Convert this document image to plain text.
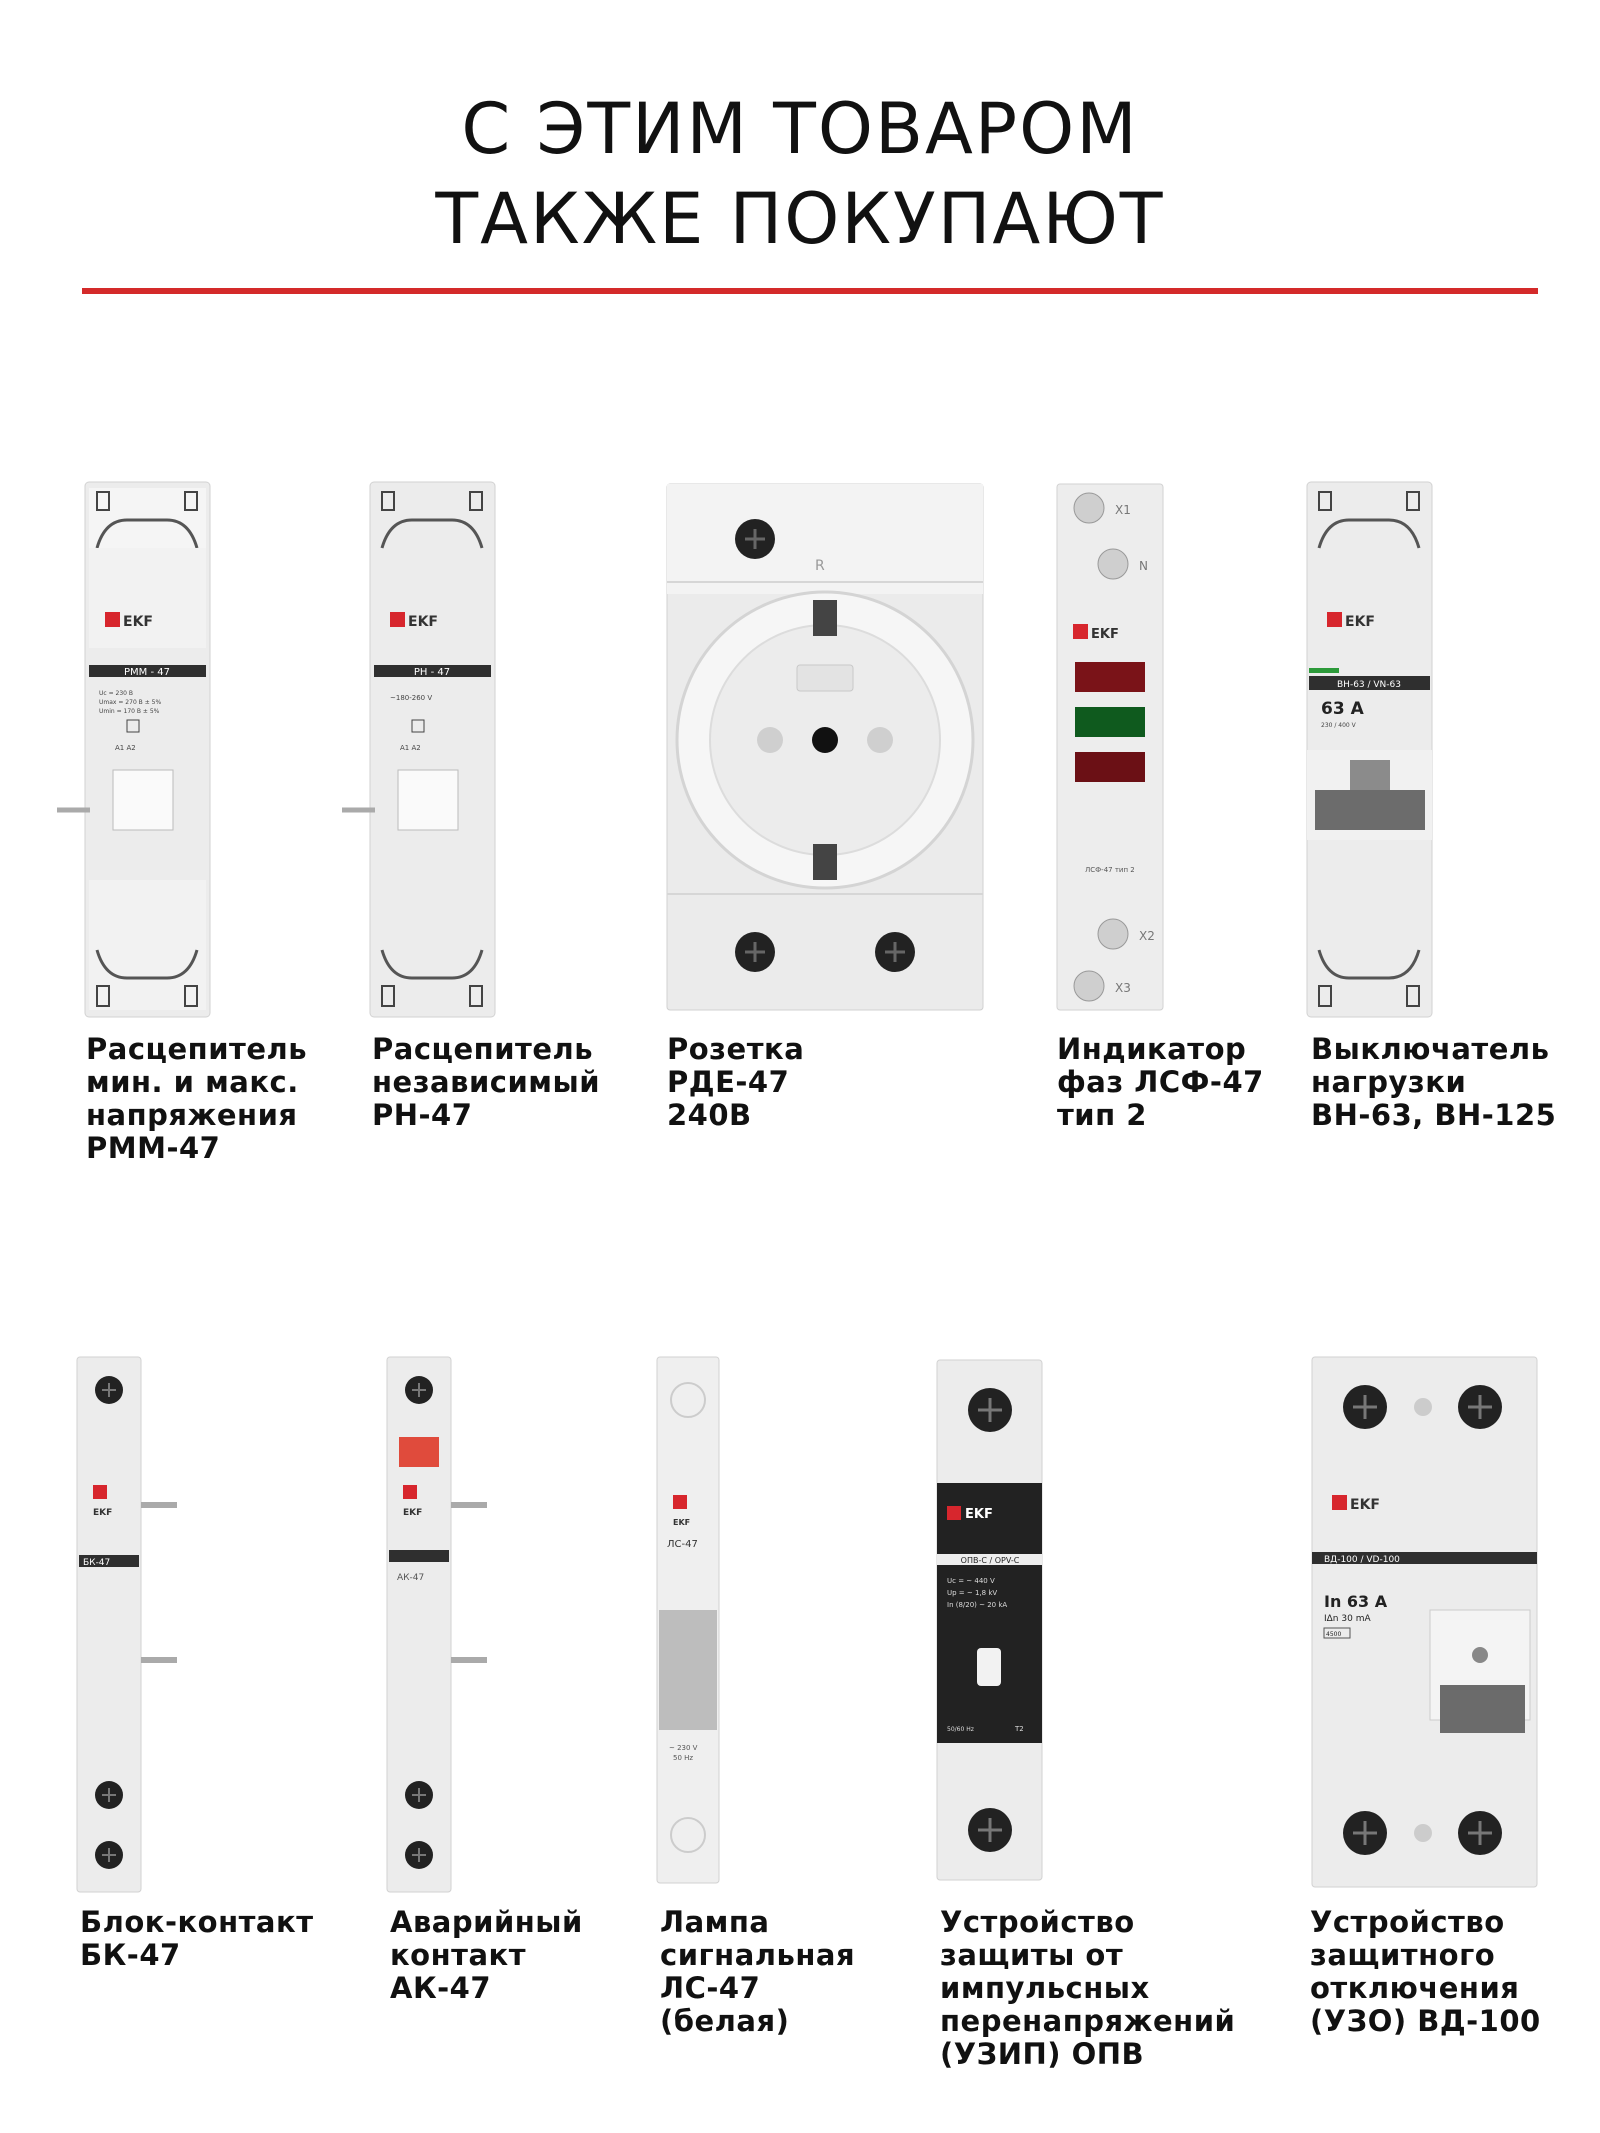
С ЭТИМ ТОВАРОМ
ТАКЖЕ ПОКУПАЮТ
EKF
РММ - 47
Uc = 230 В
Umax = 270 В ± 5%
Umin = 170 В ± 5%
A1 A2
EKF
РН - 47
~180-260 V
A1 A2
R
X1
N
EKF
ЛСФ-47 тип 2
X2
X3
EKF
ВН-63 / VN-63
63 A
230 / 400 V
Расцепитель
мин. и макс.
напряжения
РММ-47
Расцепитель
независимый
РН-47
Розетка
РДЕ-47
240В
Индикатор
фаз ЛСФ-47
тип 2
Выключатель
нагрузки
ВН-63, ВН-125
EKF
БК-47
EKF
АК-47
EKF
ЛС-47
~ 230 V
50 Hz
EKF
ОПВ-С / OPV-C
Uc = ~ 440 V
Up = ~ 1,8 kV
In (8/20) ~ 20 kA
50/60 Hz	T2
EKF
ВД-100 / VD-100
In 63 A
IΔn 30 mA
4500
Блок-контакт
БК-47
Аварийный
контакт
АК-47
Лампа
сигнальная
ЛС-47
(белая)
Устройство
защиты от
импульсных
перенапряжений
(УЗИП) ОПВ
Устройство
защитного
отключения
(УЗО) ВД-100
